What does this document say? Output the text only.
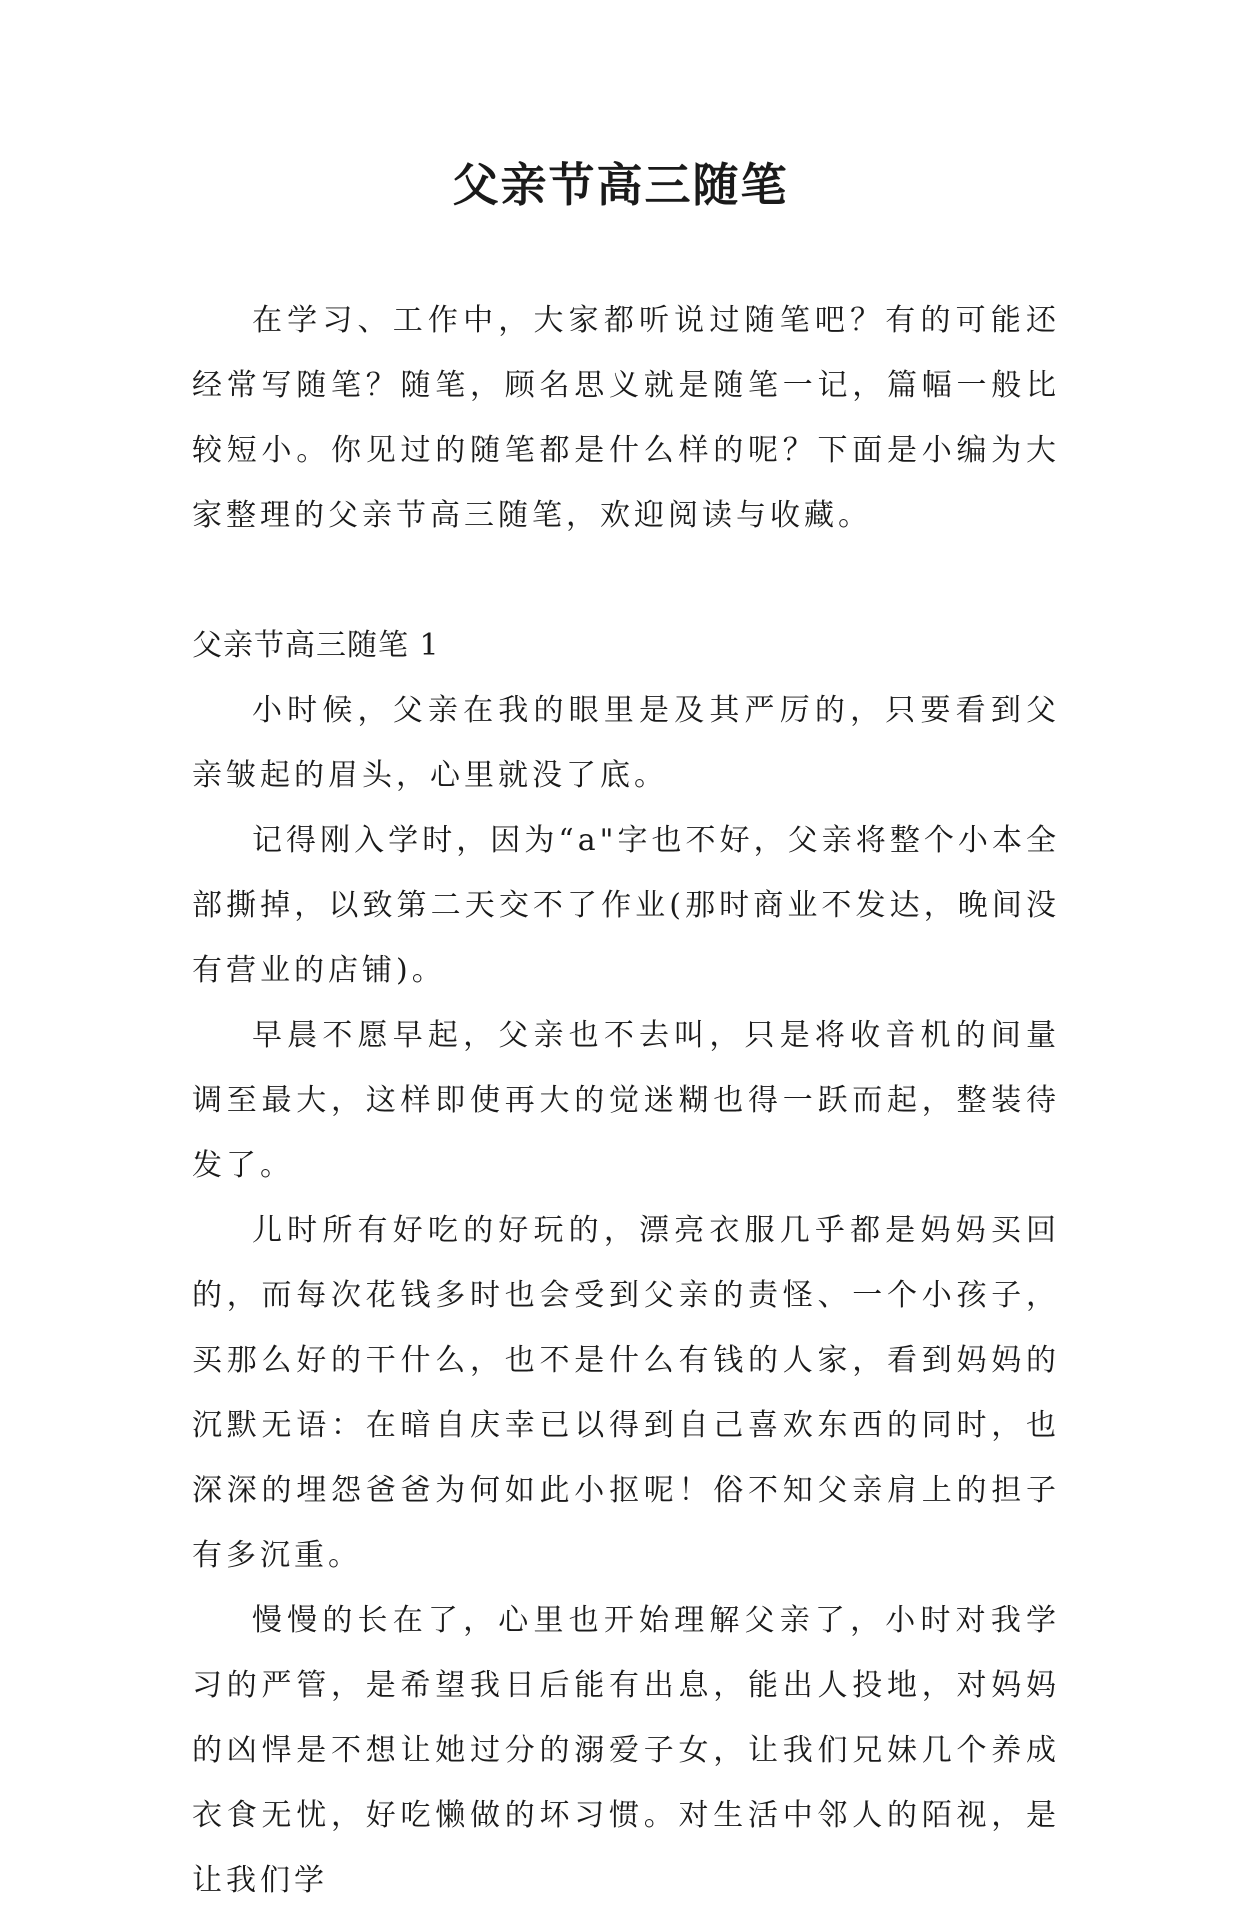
父亲节高三随笔

在学习、工作中，大家都听说过随笔吧？有的可能还经常写随笔？随笔，顾名思义就是随笔一记，篇幅一般比较短小。你见过的随笔都是什么样的呢？下面是小编为大家整理的父亲节高三随笔，欢迎阅读与收藏。

父亲节高三随笔 1

小时候，父亲在我的眼里是及其严厉的，只要看到父亲皱起的眉头，心里就没了底。

记得刚入学时，因为“a"字也不好，父亲将整个小本全部撕掉，以致第二天交不了作业(那时商业不发达，晚间没有营业的店铺)。

早晨不愿早起，父亲也不去叫，只是将收音机的间量调至最大，这样即使再大的觉迷糊也得一跃而起，整装待发了。

儿时所有好吃的好玩的，漂亮衣服几乎都是妈妈买回的，而每次花钱多时也会受到父亲的责怪、一个小孩子，买那么好的干什么，也不是什么有钱的人家，看到妈妈的沉默无语：在暗自庆幸已以得到自己喜欢东西的同时，也深深的埋怨爸爸为何如此小抠呢！俗不知父亲肩上的担子有多沉重。

慢慢的长在了，心里也开始理解父亲了，小时对我学习的严管，是希望我日后能有出息，能出人投地，对妈妈的凶悍是不想让她过分的溺爱子女，让我们兄妹几个养成衣食无忧，好吃懒做的坏习惯。对生活中邻人的陌视，是让我们学
